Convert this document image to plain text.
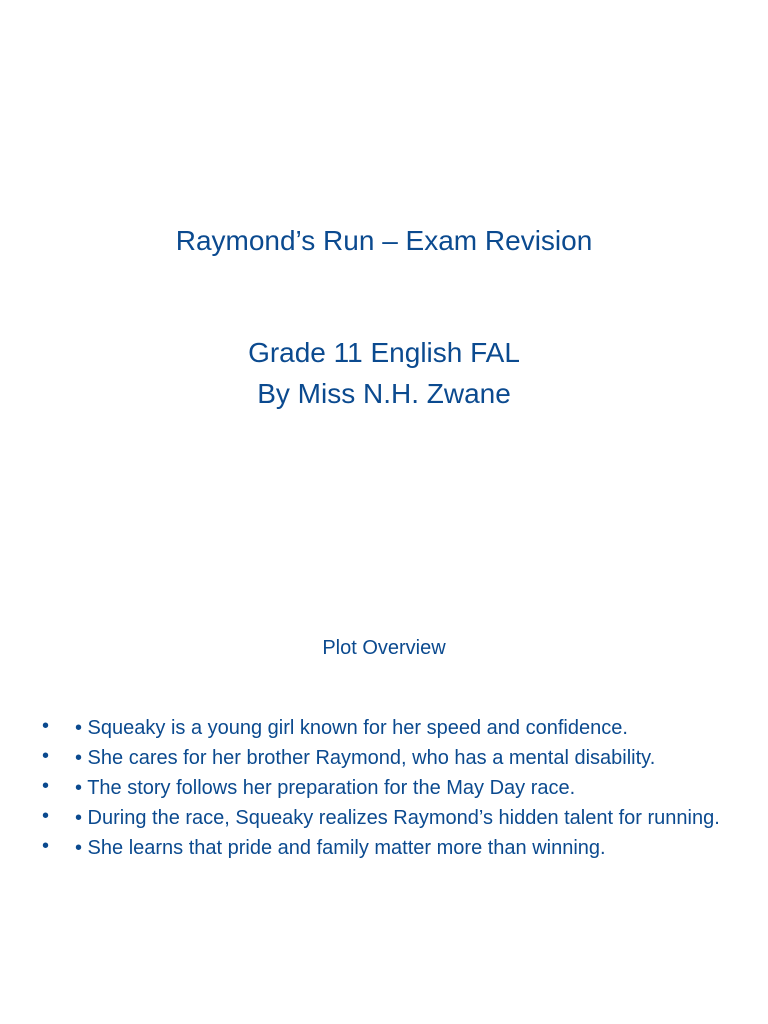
Raymond’s Run – Exam Revision
Grade 11 English FAL
By Miss N.H. Zwane
Plot Overview
• • Squeaky is a young girl known for her speed and confidence.
• • She cares for her brother Raymond, who has a mental disability.
• • The story follows her preparation for the May Day race.
• • During the race, Squeaky realizes Raymond’s hidden talent for running.
• • She learns that pride and family matter more than winning.
